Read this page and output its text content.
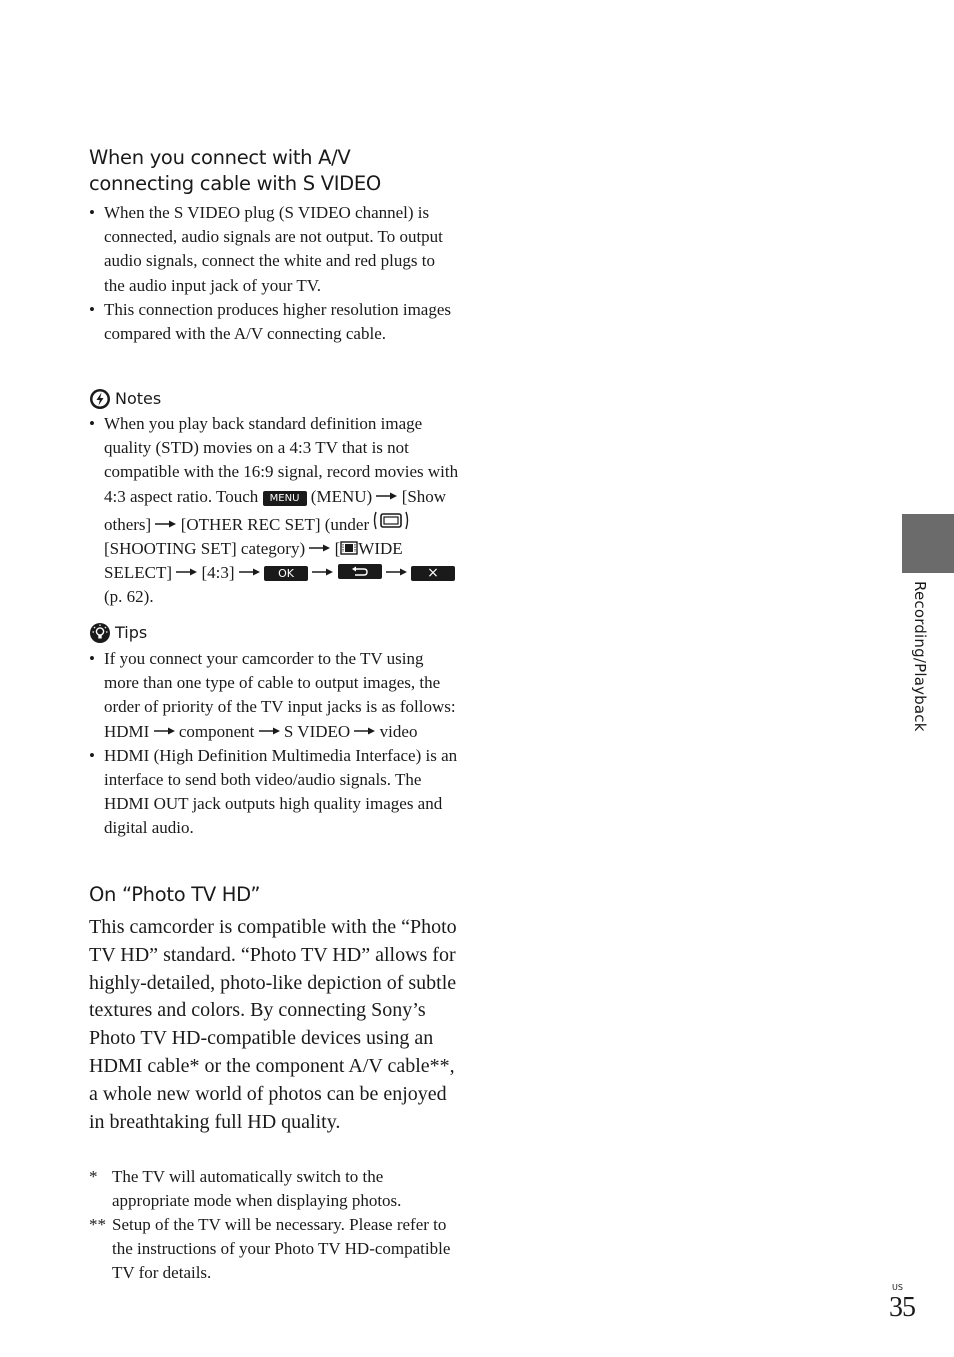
When you connect with A/V
connecting cable with S VIDEO
• When the S VIDEO plug (S VIDEO channel) is connected, audio signals are not output. To output audio signals, connect the white and red plugs to the audio input jack of your TV.
• This connection produces higher resolution images compared with the A/V connecting cable.
Notes
• When you play back standard definition image quality (STD) movies on a 4:3 TV that is not compatible with the 16:9 signal, record movies with 4:3 aspect ratio. Touch MENU (MENU) [Show others] [OTHER REC SET] (under  [SHOOTING SET] category) [ WIDE SELECT] [4:3]	OK	× (p. 62).
Tips
• If you connect your camcorder to the TV using more than one type of cable to output images, the order of priority of the TV input jacks is as follows:
HDMI component S VIDEO video
• HDMI (High Definition Multimedia Interface) is an interface to send both video/audio signals. The HDMI OUT jack outputs high quality images and digital audio.
On “Photo TV HD”
This camcorder is compatible with the “Photo TV HD” standard. “Photo TV HD” allows for highly-detailed, photo-like depiction of subtle textures and colors. By connecting Sony’s Photo TV HD-compatible devices using an HDMI cable* or the component A/V cable**, a whole new world of photos can be enjoyed in breathtaking full HD quality.
* The TV will automatically switch to the appropriate mode when displaying photos.
** Setup of the TV will be necessary. Please refer to the instructions of your Photo TV HD-compatible TV for details.
Recording/Playback
US
35
